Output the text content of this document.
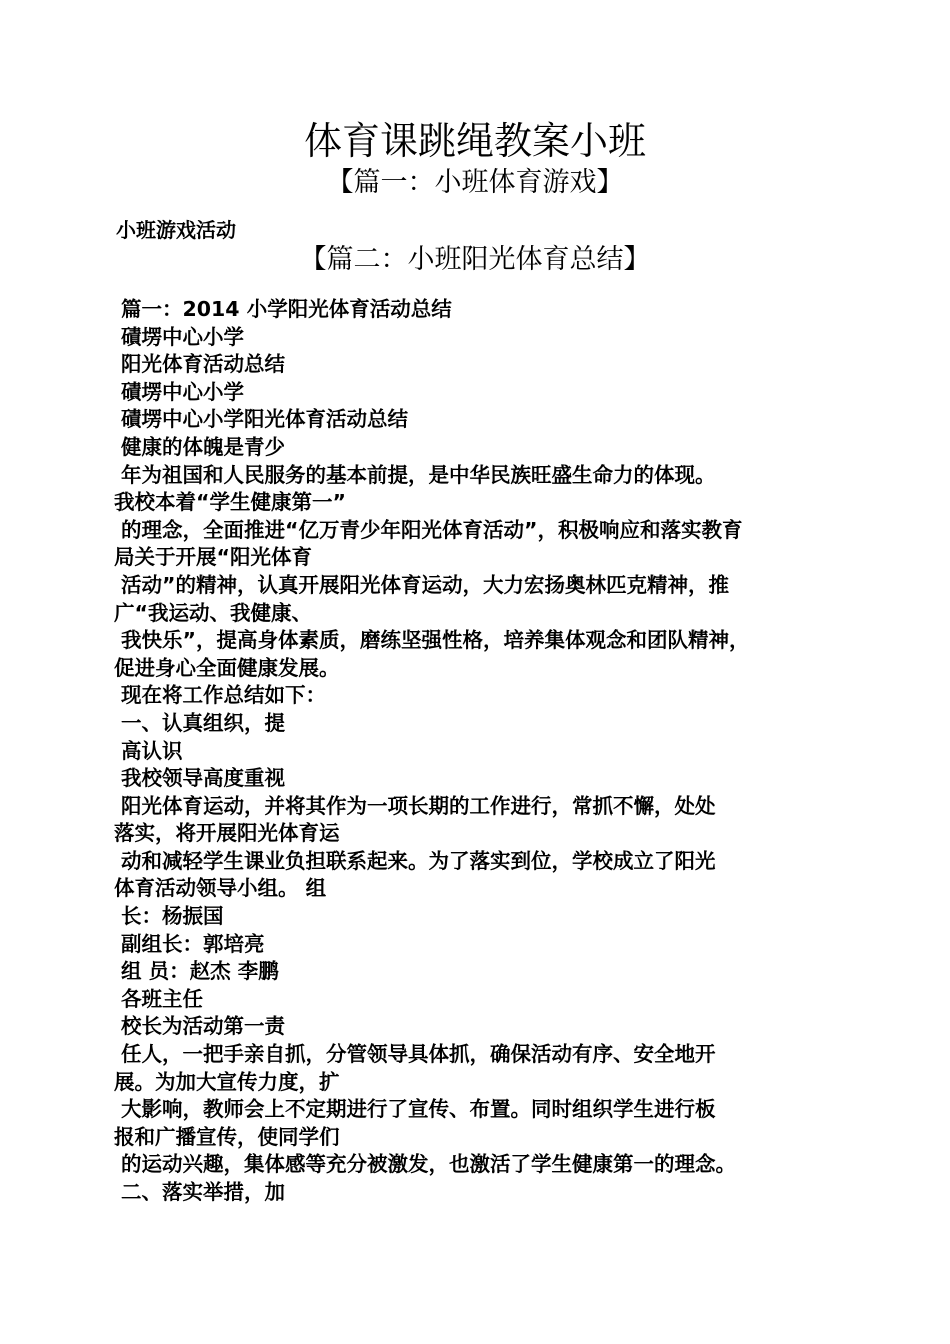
体育课跳绳教案小班
【篇一：小班体育游戏】
小班游戏活动
【篇二：小班阳光体育总结】
篇一：2014 小学阳光体育活动总结
磧塄中心小学
阳光体育活动总结
磧塄中心小学
磧塄中心小学阳光体育活动总结
健康的体魄是青少
年为祖国和人民服务的基本前提，是中华民族旺盛生命力的体现。
我校本着“学生健康第一”
的理念，全面推进“亿万青少年阳光体育活动”，积极响应和落实教育
局关于开展“阳光体育
活动”的精神，认真开展阳光体育运动，大力宏扬奥林匹克精神，推
广“我运动、我健康、
我快乐”，提高身体素质，磨练坚强性格，培养集体观念和团队精神，
促进身心全面健康发展。
现在将工作总结如下：
一、认真组织，提
高认识
我校领导高度重视
阳光体育运动，并将其作为一项长期的工作进行，常抓不懈，处处
落实，将开展阳光体育运
动和减轻学生课业负担联系起来。为了落实到位，学校成立了阳光
体育活动领导小组。 组
长：杨振国
副组长：郭培亮
组 员：赵杰 李鹏
各班主任
校长为活动第一责
任人，一把手亲自抓，分管领导具体抓，确保活动有序、安全地开
展。为加大宣传力度，扩
大影响，教师会上不定期进行了宣传、布置。同时组织学生进行板
报和广播宣传，使同学们
的运动兴趣，集体感等充分被激发，也激活了学生健康第一的理念。
二、落实举措，加
